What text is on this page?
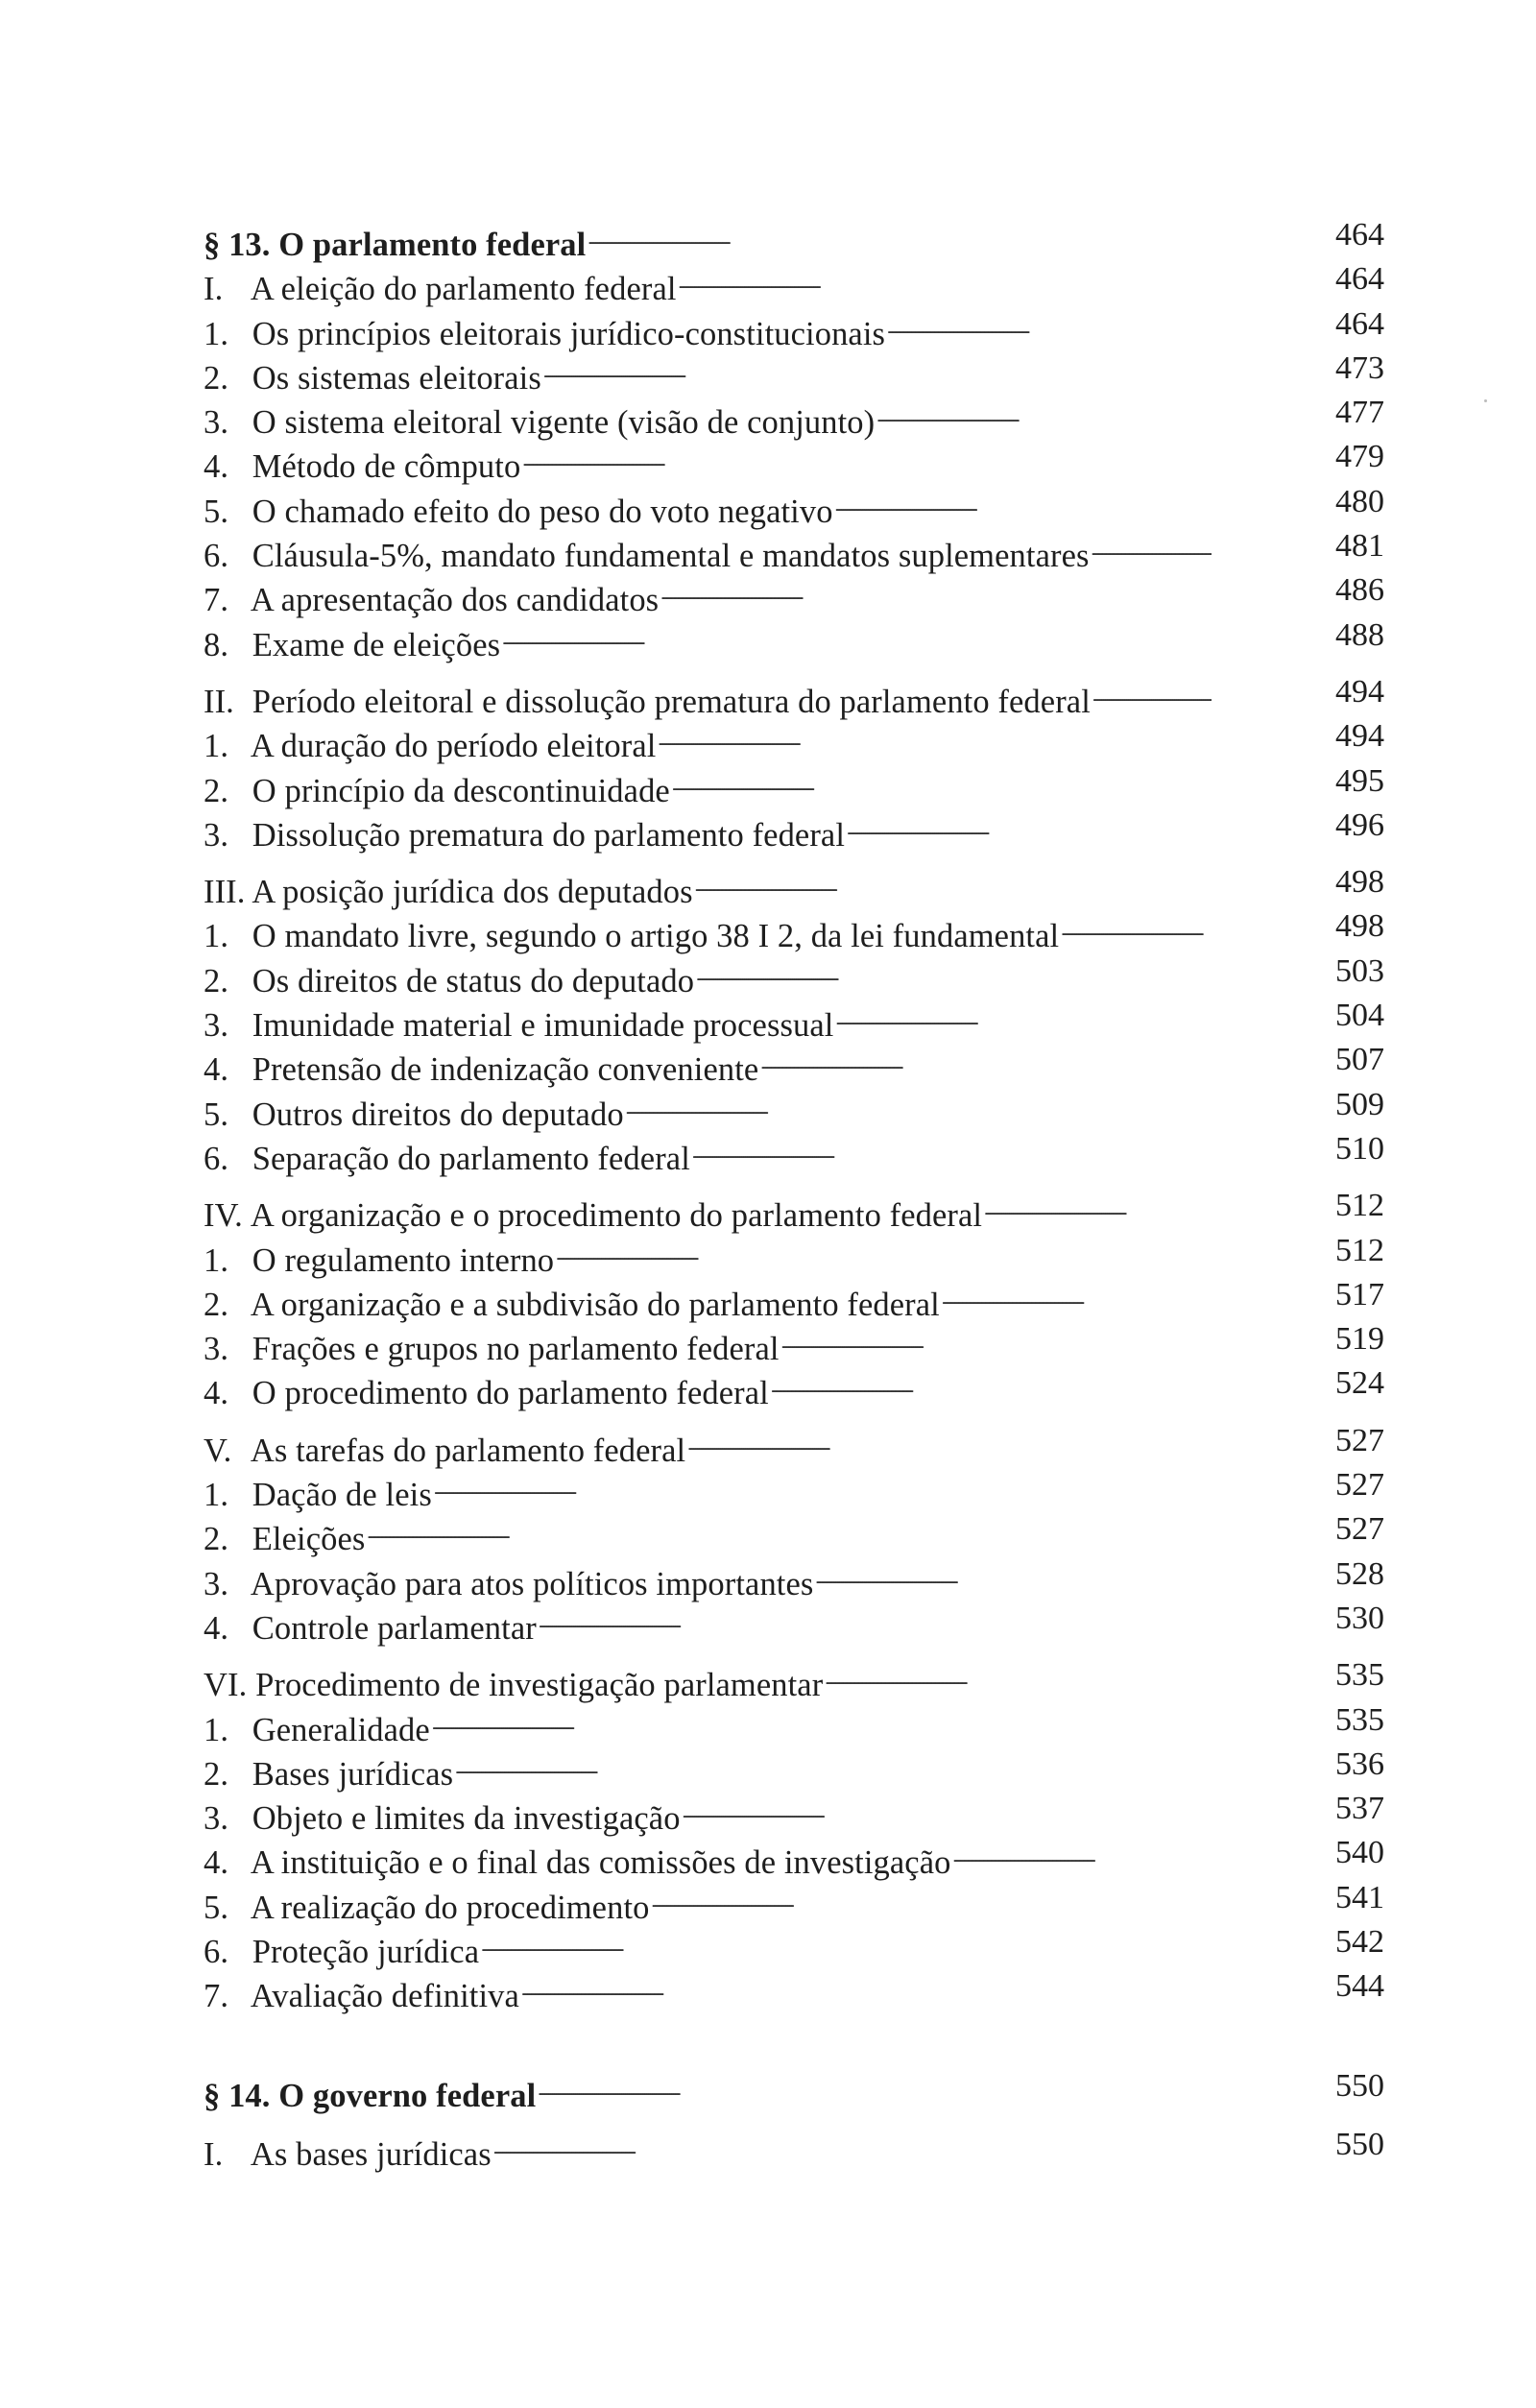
§ 13. O parlamento federal . . .	464
I. A eleição do parlamento federal . . .	464
1. Os princípios eleitorais jurídico-constitucionais . . .	464
2. Os sistemas eleitorais . . .	473
3. O sistema eleitoral vigente (visão de conjunto) . . .	477
4. Método de cômputo . . .	479
5. O chamado efeito do peso do voto negativo . . .	480
6. Cláusula-5%, mandato fundamental e mandatos suplementares . . .	481
7. A apresentação dos candidatos . . .	486
8. Exame de eleições . . .	488
II. Período eleitoral e dissolução prematura do parlamento federal . . .	494
1. A duração do período eleitoral . . .	494
2. O princípio da descontinuidade . . .	495
3. Dissolução prematura do parlamento federal . . .	496
III. A posição jurídica dos deputados . . .	498
1. O mandato livre, segundo o artigo 38 I 2, da lei fundamental . . .	498
2. Os direitos de status do deputado . . .	503
3. Imunidade material e imunidade processual . . .	504
4. Pretensão de indenização conveniente . . .	507
5. Outros direitos do deputado . . .	509
6. Separação do parlamento federal . . .	510
IV. A organização e o procedimento do parlamento federal . . .	512
1. O regulamento interno . . .	512
2. A organização e a subdivisão do parlamento federal . . .	517
3. Frações e grupos no parlamento federal . . .	519
4. O procedimento do parlamento federal . . .	524
V. As tarefas do parlamento federal . . .	527
1. Dação de leis . . .	527
2. Eleições . . .	527
3. Aprovação para atos políticos importantes . . .	528
4. Controle parlamentar . . .	530
VI. Procedimento de investigação parlamentar . . .	535
1. Generalidade . . .	535
2. Bases jurídicas . . .	536
3. Objeto e limites da investigação . . .	537
4. A instituição e o final das comissões de investigação . . .	540
5. A realização do procedimento . . .	541
6. Proteção jurídica . . .	542
7. Avaliação definitiva . . .	544
§ 14. O governo federal . . .	550
I. As bases jurídicas . . .	550
